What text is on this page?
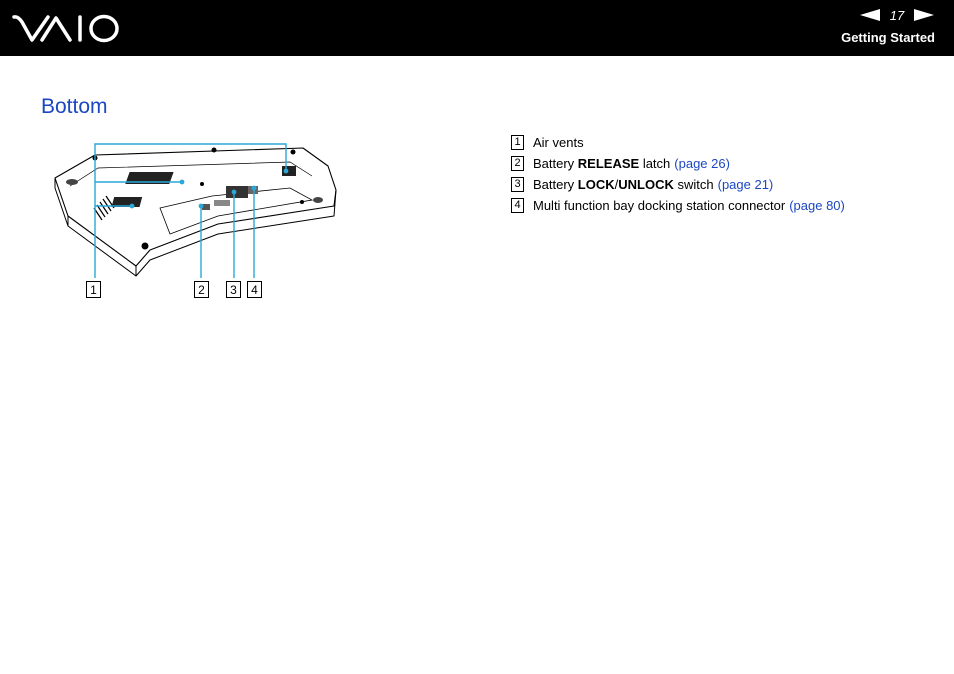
17
Getting Started
Bottom
1	2	3	4
1 Air vents
2 Battery RELEASE latch (page 26)
3 Battery LOCK / UNLOCK switch (page 21)
4 Multi function bay docking station connector (page 80)
